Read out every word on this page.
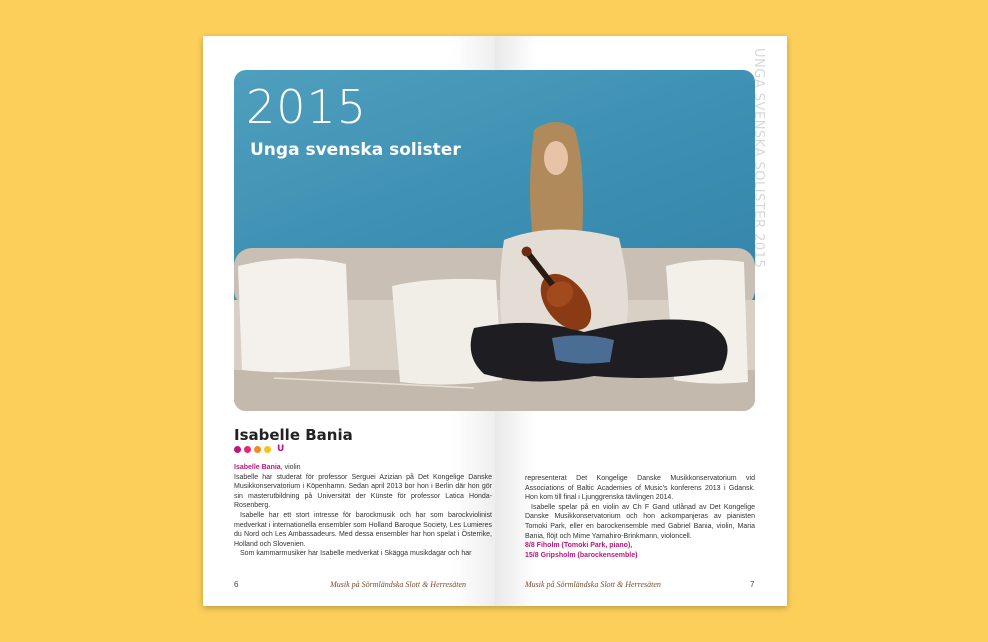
2015
Unga svenska solister	UNGA SVENSKA SOLISTER 2015
Isabelle Bania
U

Isabelle Bania, violin

Isabelle har studerat för professor Serguei Azizian på Det Kongelige Danske Musikkonservatorium i Köpenhamn. Sedan april 2013 bor hon i Berlin där hon gör sin masterutbildning på Universität der Künste för professor Latica Honda-Rosenberg.

Isabelle har ett stort intresse för barockmusik och har som barockviolinist medverkat i internationella ensembler som Holland Baroque Society, Les Lumieres du Nord och Les Ambassadeurs. Med dessa ensembler har hon spelat i Österrike, Holland och Slovenien.

Som kammarmusiker har Isabelle medverkat i Skägga musikdagar och har

representerat Det Kongelige Danske Musikkonservatorium vid Associations of Baltic Academies of Music's konferens 2013 i Gdansk. Hon kom till final i Ljunggrenska tävlingen 2014.

Isabelle spelar på en violin av Ch F Gand utlånad av Det Kongelige Danske Musikkonservatorium och hon ackompanjeras av pianisten Tomoki Park, eller en barockensemble med Gabriel Bania, violin, Maria Bania, flöjt och Mime Yamahiro-Brinkmann, violoncell.

8/8 Fiholm (Tomoki Park, piano),

15/8 Gripsholm (barockensemble)

6	Musik på Sörmländska Slott & Herresäten	Musik på Sörmländska Slott & Herresäten	7
